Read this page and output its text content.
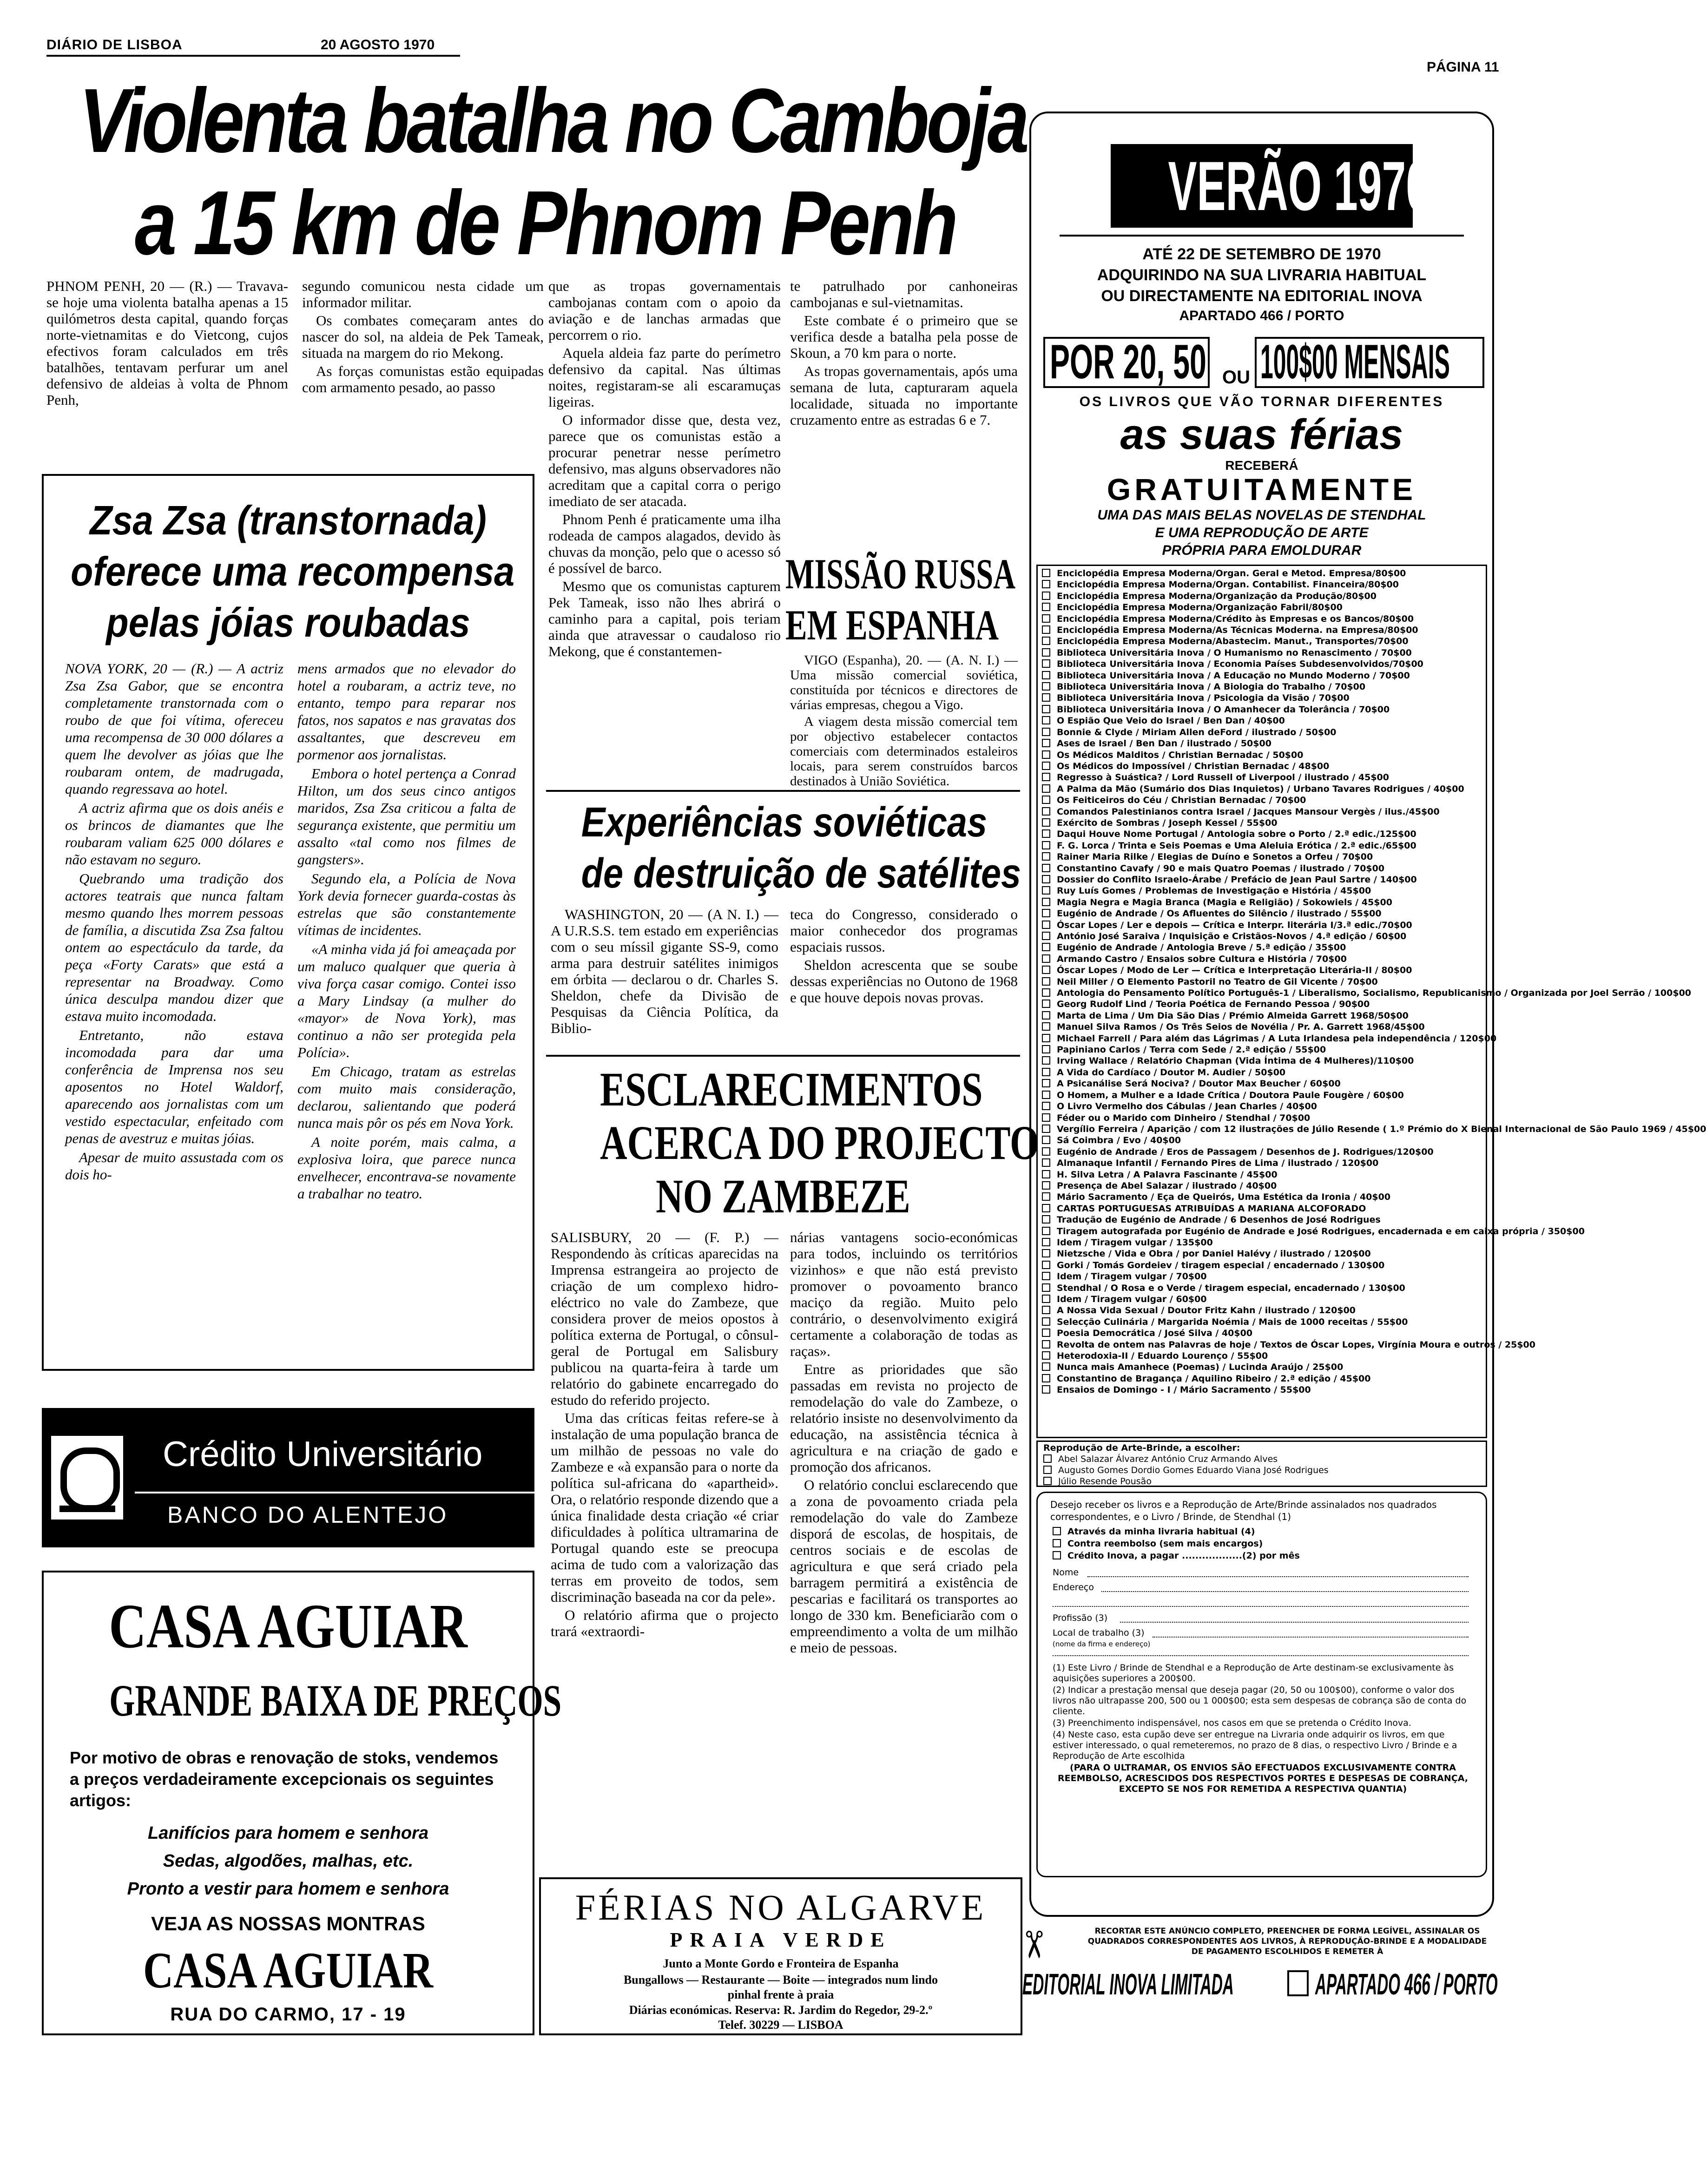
DIÁRIO DE LISBOA	20 AGOSTO 1970
PÁGINA 11
Violenta batalha no Camboja
a 15 km de Phnom Penh

PHNOM PENH, 20 — (R.) — Travava-se hoje uma violenta batalha apenas a 15 quilómetros desta capital, quando forças norte-vietnamitas e do Vietcong, cujos efectivos foram calculados em três batalhões, tentavam perfurar um anel defensivo de aldeias à volta de Phnom Penh,

segundo comunicou nesta cidade um informador militar.

Os combates começaram antes do nascer do sol, na aldeia de Pek Tameak, situada na margem do rio Mekong.

As forças comunistas estão equipadas com armamento pesado, ao passo

que as tropas governamentais cambojanas contam com o apoio da aviação e de lanchas armadas que percorrem o rio.

Aquela aldeia faz parte do perímetro defensivo da capital. Nas últimas noites, registaram-se ali escaramuças ligeiras.

O informador disse que, desta vez, parece que os comunistas estão a procurar penetrar nesse perímetro defensivo, mas alguns observadores não acreditam que a capital corra o perigo imediato de ser atacada.

Phnom Penh é praticamente uma ilha rodeada de campos alagados, devido às chuvas da monção, pelo que o acesso só é possível de barco.

Mesmo que os comunistas capturem Pek Tameak, isso não lhes abrirá o caminho para a capital, pois teriam ainda que atravessar o caudaloso rio Mekong, que é constantemen-

te patrulhado por canhoneiras cambojanas e sul-vietnamitas.

Este combate é o primeiro que se verifica desde a batalha pela posse de Skoun, a 70 km para o norte.

As tropas governamentais, após uma semana de luta, capturaram aquela localidade, situada no importante cruzamento entre as estradas 6 e 7.

Zsa Zsa (transtornada)
oferece uma recompensa
pelas jóias roubadas

NOVA YORK, 20 — (R.) — A actriz Zsa Zsa Gabor, que se encontra completamente transtornada com o roubo de que foi vítima, ofereceu uma recompensa de 30 000 dólares a quem lhe devolver as jóias que lhe roubaram ontem, de madrugada, quando regressava ao hotel.

A actriz afirma que os dois anéis e os brincos de diamantes que lhe roubaram valiam 625 000 dólares e não estavam no seguro.

Quebrando uma tradição dos actores teatrais que nunca faltam mesmo quando lhes morrem pessoas de família, a discutida Zsa Zsa faltou ontem ao espectáculo da tarde, da peça «Forty Carats» que está a representar na Broadway. Como única desculpa mandou dizer que estava muito incomodada.

Entretanto, não estava incomodada para dar uma conferência de Imprensa nos seu aposentos no Hotel Waldorf, aparecendo aos jornalistas com um vestido espectacular, enfeitado com penas de avestruz e muitas jóias.

Apesar de muito assustada com os dois ho-

mens armados que no elevador do hotel a roubaram, a actriz teve, no entanto, tempo para reparar nos fatos, nos sapatos e nas gravatas dos assaltantes, que descreveu em pormenor aos jornalistas.

Embora o hotel pertença a Conrad Hilton, um dos seus cinco antigos maridos, Zsa Zsa criticou a falta de segurança existente, que permitiu um assalto «tal como nos filmes de gangsters».

Segundo ela, a Polícia de Nova York devia fornecer guarda-costas às estrelas que são constantemente vítimas de incidentes.

«A minha vida já foi ameaçada por um maluco qualquer que queria à viva força casar comigo. Contei isso a Mary Lindsay (a mulher do «mayor» de Nova York), mas continuo a não ser protegida pela Polícia».

Em Chicago, tratam as estrelas com muito mais consideração, declarou, salientando que poderá nunca mais pôr os pés em Nova York.

A noite porém, mais calma, a explosiva loira, que parece nunca envelhecer, encontrava-se novamente a trabalhar no teatro.

MISSÃO RUSSA
EM ESPANHA

VIGO (Espanha), 20. — (A. N. I.) — Uma missão comercial soviética, constituída por técnicos e directores de várias empresas, chegou a Vigo.

A viagem desta missão comercial tem por objectivo estabelecer contactos comerciais com determinados estaleiros locais, para serem construídos barcos destinados à União Soviética.

Experiências soviéticas
de destruição de satélites

WASHINGTON, 20 — (A N. I.) — A U.R.S.S. tem estado em experiências com o seu míssil gigante SS-9, como arma para destruir satélites inimigos em órbita — declarou o dr. Charles S. Sheldon, chefe da Divisão de Pesquisas da Ciência Política, da Biblio-

teca do Congresso, considerado o maior conhecedor dos programas espaciais russos.

Sheldon acrescenta que se soube dessas experiências no Outono de 1968 e que houve depois novas provas.

ESCLARECIMENTOS
ACERCA DO PROJECTO
NO ZAMBEZE

SALISBURY, 20 — (F. P.) — Respondendo às críticas aparecidas na Imprensa estrangeira ao projecto de criação de um complexo hidro-eléctrico no vale do Zambeze, que considera prover de meios opostos à política externa de Portugal, o cônsul-geral de Portugal em Salisbury publicou na quarta-feira à tarde um relatório do gabinete encarregado do estudo do referido projecto.

Uma das críticas feitas refere-se à instalação de uma população branca de um milhão de pessoas no vale do Zambeze e «à expansão para o norte da política sul-africana do «apartheid». Ora, o relatório responde dizendo que a única finalidade desta criação «é criar dificuldades à política ultramarina de Portugal quando este se preocupa acima de tudo com a valorização das terras em proveito de todos, sem discriminação baseada na cor da pele».

O relatório afirma que o projecto trará «extraordi-

nárias vantagens socio-económicas para todos, incluindo os territórios vizinhos» e que não está previsto promover o povoamento branco maciço da região. Muito pelo contrário, o desenvolvimento exigirá certamente a colaboração de todas as raças».

Entre as prioridades que são passadas em revista no projecto de remodelação do vale do Zambeze, o relatório insiste no desenvolvimento da educação, na assistência técnica à agricultura e na criação de gado e promoção dos africanos.

O relatório conclui esclarecendo que a zona de povoamento criada pela remodelação do vale do Zambeze disporá de escolas, de hospitais, de centros sociais e de escolas de agricultura e que será criado pela barragem permitirá a existência de pescarias e facilitará os transportes ao longo de 330 km. Beneficiarão com o empreendimento a volta de um milhão e meio de pessoas.

Crédito Universitário
BANCO DO ALENTEJO
CASA AGUIAR
GRANDE BAIXA DE PREÇOS
Por motivo de obras e renovação de stoks, vendemos a preços verdadeiramente excepcionais os seguintes artigos:
Lanifícios para homem e senhora
Sedas, algodões, malhas, etc.
Pronto a vestir para homem e senhora
VEJA AS NOSSAS MONTRAS
CASA AGUIAR
RUA DO CARMO, 17 - 19
FÉRIAS NO ALGARVE
PRAIA VERDE
Junto a Monte Gordo e Fronteira de Espanha
Bungallows — Restaurante — Boite — integrados num lindo pinhal frente à praia
Diárias económicas. Reserva: R. Jardim do Regedor, 29-2.º
Telef. 30229 — LISBOA
VERÃO 1970
ATÉ 22 DE SETEMBRO DE 1970
ADQUIRINDO NA SUA LIVRARIA HABITUAL
OU DIRECTAMENTE NA EDITORIAL INOVA
APARTADO 466 / PORTO
POR 20, 50 OU 100$00 MENSAIS
OS LIVROS QUE VÃO TORNAR DIFERENTES
as suas férias
RECEBERÁ
GRATUITAMENTE
UMA DAS MAIS BELAS NOVELAS DE STENDHAL
E UMA REPRODUÇÃO DE ARTE
PRÓPRIA PARA EMOLDURAR
Enciclopédia Empresa Moderna/Organ. Geral e Metod. Empresa/80$00
Enciclopédia Empresa Moderna/Organ. Contabilist. Financeira/80$00
Enciclopédia Empresa Moderna/Organização da Produção/80$00
Enciclopédia Empresa Moderna/Organização Fabril/80$00
Enciclopédia Empresa Moderna/Crédito às Empresas e os Bancos/80$00
Enciclopédia Empresa Moderna/As Técnicas Moderna. na Empresa/80$00
Enciclopédia Empresa Moderna/Abastecim. Manut., Transportes/70$00
Biblioteca Universitária Inova / O Humanismo no Renascimento / 70$00
Biblioteca Universitária Inova / Economia Países Subdesenvolvidos/70$00
Biblioteca Universitária Inova / A Educação no Mundo Moderno / 70$00
Biblioteca Universitária Inova / A Biologia do Trabalho / 70$00
Biblioteca Universitária Inova / Psicologia da Visão / 70$00
Biblioteca Universitária Inova / O Amanhecer da Tolerância / 70$00
O Espião Que Veio do Israel / Ben Dan / 40$00
Bonnie & Clyde / Miriam Allen deFord / ilustrado / 50$00
Ases de Israel / Ben Dan / ilustrado / 50$00
Os Médicos Malditos / Christian Bernadac / 50$00
Os Médicos do Impossível / Christian Bernadac / 48$00
Regresso à Suástica? / Lord Russell of Liverpool / ilustrado / 45$00
A Palma da Mão (Sumário dos Dias Inquietos) / Urbano Tavares Rodrigues / 40$00
Os Feiticeiros do Céu / Christian Bernadac / 70$00
Comandos Palestinianos contra Israel / Jacques Mansour Vergès / ilus./45$00
Exército de Sombras / Joseph Kessel / 55$00
Daqui Houve Nome Portugal / Antologia sobre o Porto / 2.ª edic./125$00
F. G. Lorca / Trinta e Seis Poemas e Uma Aleluia Erótica / 2.ª edic./65$00
Rainer Maria Rilke / Elegias de Duíno e Sonetos a Orfeu / 70$00
Constantino Cavafy / 90 e mais Quatro Poemas / ilustrado / 70$00
Dossier do Conflito Israelo-Árabe / Prefácio de Jean Paul Sartre / 140$00
Ruy Luís Gomes / Problemas de Investigação e História / 45$00
Magia Negra e Magia Branca (Magia e Religião) / Sokowiels / 45$00
Eugénio de Andrade / Os Afluentes do Silêncio / ilustrado / 55$00
Óscar Lopes / Ler e depois — Crítica e Interpr. literária I/3.ª edic./70$00
António José Saraiva / Inquisição e Cristãos-Novos / 4.ª edição / 60$00
Eugénio de Andrade / Antologia Breve / 5.ª edição / 35$00
Armando Castro / Ensaios sobre Cultura e História / 70$00
Óscar Lopes / Modo de Ler — Crítica e Interpretação Literária-II / 80$00
Neil Miller / O Elemento Pastoril no Teatro de Gil Vicente / 70$00
Antologia do Pensamento Político Português-1 / Liberalismo, Socialismo, Republicanismo / Organizada por Joel Serrão / 100$00
Georg Rudolf Lind / Teoria Poética de Fernando Pessoa / 90$00
Marta de Lima / Um Dia São Dias / Prémio Almeida Garrett 1968/50$00
Manuel Silva Ramos / Os Três Seios de Novélia / Pr. A. Garrett 1968/45$00
Michael Farrell / Para além das Lágrimas / A Luta Irlandesa pela independência / 120$00
Papiniano Carlos / Terra com Sede / 2.ª edição / 55$00
Irving Wallace / Relatório Chapman (Vida Íntima de 4 Mulheres)/110$00
A Vida do Cardíaco / Doutor M. Audier / 50$00
A Psicanálise Será Nociva? / Doutor Max Beucher / 60$00
O Homem, a Mulher e a Idade Crítica / Doutora Paule Fougère / 60$00
O Livro Vermelho dos Cábulas / Jean Charles / 40$00
Féder ou o Marido com Dinheiro / Stendhal / 70$00
Vergílio Ferreira / Aparição / com 12 ilustrações de Júlio Resende ( 1.º Prémio do X Bienal Internacional de São Paulo 1969 / 45$00
Sá Coimbra / Evo / 40$00
Eugénio de Andrade / Eros de Passagem / Desenhos de J. Rodrigues/120$00
Almanaque Infantil / Fernando Pires de Lima / ilustrado / 120$00
H. Silva Letra / A Palavra Fascinante / 45$00
Presença de Abel Salazar / ilustrado / 40$00
Mário Sacramento / Eça de Queirós, Uma Estética da Ironia / 40$00
CARTAS PORTUGUESAS ATRIBUÍDAS A MARIANA ALCOFORADO
Tradução de Eugénio de Andrade / 6 Desenhos de José Rodrigues
Tiragem autografada por Eugénio de Andrade e José Rodrigues, encadernada e em caixa própria / 350$00
Idem / Tiragem vulgar / 135$00
Nietzsche / Vida e Obra / por Daniel Halévy / ilustrado / 120$00
Gorki / Tomás Gordeiev / tiragem especial / encadernado / 130$00
Idem / Tiragem vulgar / 70$00
Stendhal / O Rosa e o Verde / tiragem especial, encadernado / 130$00
Idem / Tiragem vulgar / 60$00
A Nossa Vida Sexual / Doutor Fritz Kahn / ilustrado / 120$00
Selecção Culinária / Margarida Noémia / Mais de 1000 receitas / 55$00
Poesia Democrática / José Silva / 40$00
Revolta de ontem nas Palavras de hoje / Textos de Óscar Lopes, Virgínia Moura e outros / 25$00
Heterodoxia-II / Eduardo Lourenço / 55$00
Nunca mais Amanhece (Poemas) / Lucinda Araújo / 25$00
Constantino de Bragança / Aquilino Ribeiro / 2.ª edição / 45$00
Ensaios de Domingo - I / Mário Sacramento / 55$00
Reprodução de Arte-Brinde, a escolher:
Abel Salazar Álvarez António Cruz Armando Alves
Augusto Gomes Dordio Gomes Eduardo Viana José Rodrigues
Júlio Resende Pousão
Desejo receber os livros e a Reprodução de Arte/Brinde assinalados nos quadrados correspondentes, e o Livro / Brinde, de Stendhal (1)
Através da minha livraria habitual (4)
Contra reembolso (sem mais encargos)
Crédito Inova, a pagar ..................(2) por mês
Nome
Endereço
Profissão (3)
Local de trabalho (3)
(nome da firma e endereço)
(1) Este Livro / Brinde de Stendhal e a Reprodução de Arte destinam-se exclusivamente às aquisições superiores a 200$00.
(2) Indicar a prestação mensal que deseja pagar (20, 50 ou 100$00), conforme o valor dos livros não ultrapasse 200, 500 ou 1 000$00; esta sem despesas de cobrança são de conta do cliente.
(3) Preenchimento indispensável, nos casos em que se pretenda o Crédito Inova.
(4) Neste caso, esta cupão deve ser entregue na Livraria onde adquirir os livros, em que estiver interessado, o qual remeteremos, no prazo de 8 dias, o respectivo Livro / Brinde e a Reprodução de Arte escolhida
(PARA O ULTRAMAR, OS ENVIOS SÃO EFECTUADOS EXCLUSIVAMENTE CONTRA REEMBOLSO, ACRESCIDOS DOS RESPECTIVOS PORTES E DESPESAS DE COBRANÇA, EXCEPTO SE NOS FOR REMETIDA A RESPECTIVA QUANTIA)
✂	RECORTAR ESTE ANÚNCIO COMPLETO, PREENCHER DE FORMA LEGÍVEL, ASSINALAR OS QUADRADOS CORRESPONDENTES AOS LIVROS, À REPRODUÇÃO-BRINDE E A MODALIDADE DE PAGAMENTO ESCOLHIDOS E REMETER À
EDITORIAL INOVA LIMITADA	APARTADO 466 / PORTO
